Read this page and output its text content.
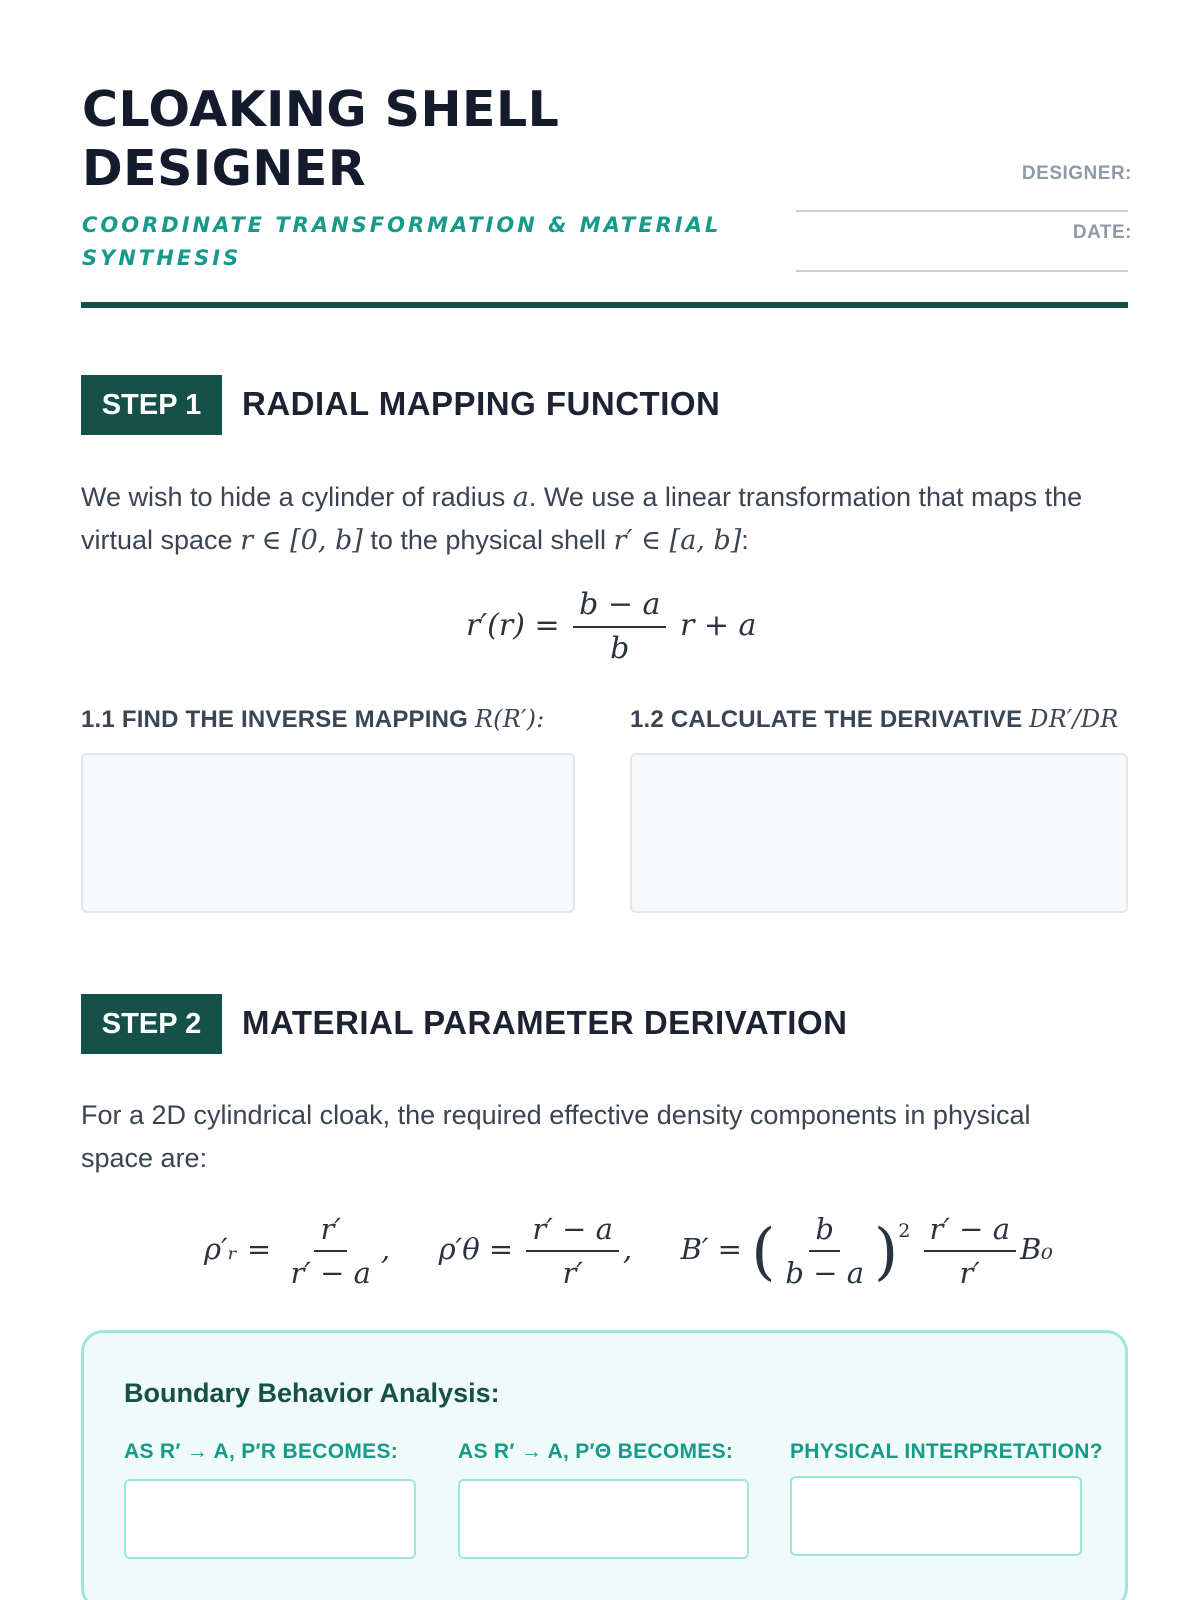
CLOAKING SHELL
DESIGNER
COORDINATE TRANSFORMATION & MATERIAL
SYNTHESIS
DESIGNER:
DATE:
STEP 1	RADIAL MAPPING FUNCTION
We wish to hide a cylinder of radius a. We use a linear transformation that maps the virtual space r ∈ [0, b] to the physical shell r′ ∈ [a, b]:
$r'(r) = \frac{b - a}{b}$ r + a
1.1 FIND THE INVERSE MAPPING R(R′):	1.2 CALCULATE THE DERIVATIVE DR′/DR
STEP 2	MATERIAL PARAMETER DERIVATION
For a 2D cylindrical cloak, the required effective density components in physical space are:
ρ′ᵣ = $\frac{r'}{r' - a}$ , $\rho'\theta = \frac{r' - a}{r'}$ , B′ = ( $\frac{b}{b - a} )^2 \frac{r' - a}{r'} B_0$
Boundary Behavior Analysis:
AS R′ → A, Ρ′R BECOMES:	AS R′ → A, Ρ′Θ BECOMES:	PHYSICAL INTERPRETATION?
